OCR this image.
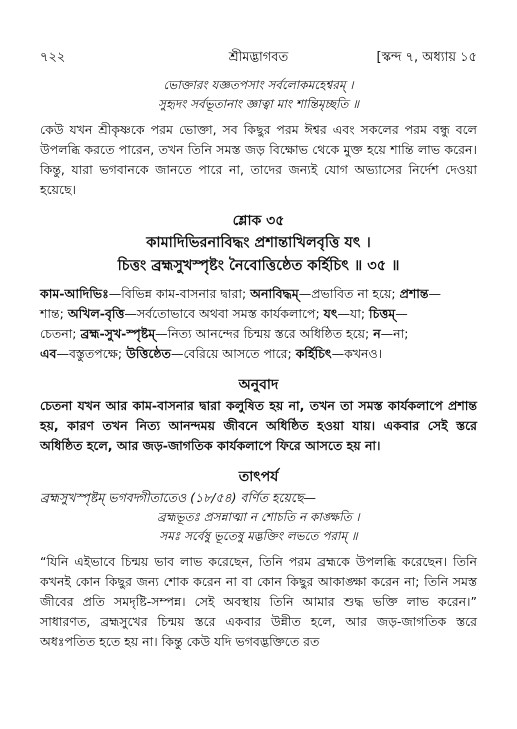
৭২২	শ্রীমদ্ভাগবত	[স্কন্দ ৭, অধ্যায় ১৫
ভোক্তারং যজ্ঞতপসাং সর্বলোকমহেশ্বরম্ ।
সুহৃদং সর্বভূতানাং জ্ঞাত্বা মাং শান্তিমৃচ্ছতি ॥

কেউ যখন শ্রীকৃষ্ণকে পরম ভোক্তা, সব কিছুর পরম ঈশ্বর এবং সকলের পরম বন্ধু বলে উপলব্ধি করতে পারেন, তখন তিনি সমস্ত জড় বিক্ষোভ থেকে মুক্ত হয়ে শান্তি লাভ করেন। কিন্তু, যারা ভগবানকে জানতে পারে না, তাদের জন্যই যোগ অভ্যাসের নির্দেশ দেওয়া হয়েছে।

শ্লোক ৩৫
কামাদিভিরনাবিদ্ধং প্রশান্তাখিলবৃত্তি যৎ ।
চিত্তং ব্রহ্মসুখস্পৃষ্টং নৈবোত্তিষ্ঠেত কর্হিচিৎ ॥ ৩৫ ॥
কাম-আদিভিঃ—বিভিন্ন কাম-বাসনার দ্বারা; অনাবিদ্ধম্—প্রভাবিত না হয়ে; প্রশান্ত—
শান্ত; অখিল-বৃত্তি—সর্বতোভাবে অথবা সমস্ত কার্যকলাপে; যৎ—যা; চিত্তম্—
চেতনা; ব্রহ্ম-সুখ-স্পৃষ্টম্—নিত্য আনন্দের চিন্ময় স্তরে অধিষ্ঠিত হয়ে; ন—না;
এব—বস্তুতপক্ষে; উত্তিষ্ঠেত—বেরিয়ে আসতে পারে; কর্হিচিৎ—কখনও।
অনুবাদ

চেতনা যখন আর কাম-বাসনার দ্বারা কলুষিত হয় না, তখন তা সমস্ত কার্যকলাপে প্রশান্ত হয়, কারণ তখন নিত্য আনন্দময় জীবনে অধিষ্ঠিত হওয়া যায়। একবার সেই স্তরে অধিষ্ঠিত হলে, আর জড়-জাগতিক কার্যকলাপে ফিরে আসতে হয় না।

তাৎপর্য
ব্রহ্মসুখস্পৃষ্টম্ ভগবদ্গীতাতেও (১৮/৫৪) বর্ণিত হয়েছে—
ব্রহ্মভূতঃ প্রসন্নাত্মা ন শোচতি ন কাঙ্ক্ষতি ।
সমঃ সর্বেষু ভূতেষু মদ্ভক্তিং লভতে পরাম্ ॥

“যিনি এইভাবে চিন্ময় ভাব লাভ করেছেন, তিনি পরম ব্রহ্মকে উপলব্ধি করেছেন। তিনি কখনই কোন কিছুর জন্য শোক করেন না বা কোন কিছুর আকাঙ্ক্ষা করেন না; তিনি সমস্ত জীবের প্রতি সমদৃষ্টি-সম্পন্ন। সেই অবস্থায় তিনি আমার শুদ্ধ ভক্তি লাভ করেন।” সাধারণত, ব্রহ্মসুখের চিন্ময় স্তরে একবার উন্নীত হলে, আর জড়-জাগতিক স্তরে অধঃপতিত হতে হয় না। কিন্তু কেউ যদি ভগবদ্ভক্তিতে রত
